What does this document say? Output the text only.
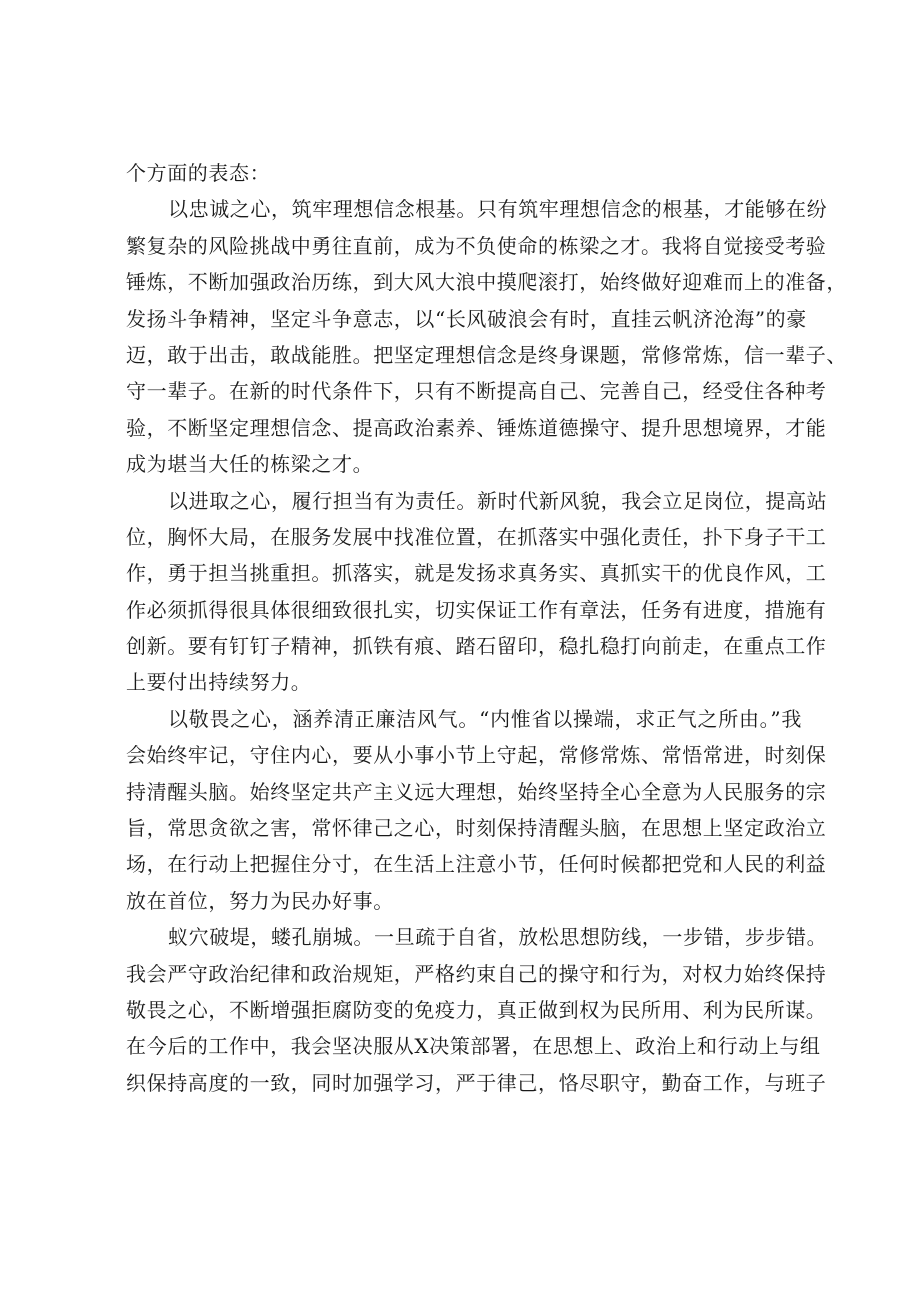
个方面的表态：
以忠诚之心，筑牢理想信念根基。只有筑牢理想信念的根基，才能够在纷
繁复杂的风险挑战中勇往直前，成为不负使命的栋梁之才。我将自觉接受考验
锤炼，不断加强政治历练，到大风大浪中摸爬滚打，始终做好迎难而上的准备，
发扬斗争精神，坚定斗争意志，以“长风破浪会有时，直挂云帆济沧海”的豪
迈，敢于出击，敢战能胜。把坚定理想信念是终身课题，常修常炼，信一辈子、
守一辈子。在新的时代条件下，只有不断提高自己、完善自己，经受住各种考
验，不断坚定理想信念、提高政治素养、锤炼道德操守、提升思想境界，才能
成为堪当大任的栋梁之才。
以进取之心，履行担当有为责任。新时代新风貌，我会立足岗位，提高站
位，胸怀大局，在服务发展中找准位置，在抓落实中强化责任，扑下身子干工
作，勇于担当挑重担。抓落实，就是发扬求真务实、真抓实干的优良作风，工
作必须抓得很具体很细致很扎实，切实保证工作有章法，任务有进度，措施有
创新。要有钉钉子精神，抓铁有痕、踏石留印，稳扎稳打向前走，在重点工作
上要付出持续努力。
以敬畏之心，涵养清正廉洁风气。“内惟省以操端，求正气之所由。”我
会始终牢记，守住内心，要从小事小节上守起，常修常炼、常悟常进，时刻保
持清醒头脑。始终坚定共产主义远大理想，始终坚持全心全意为人民服务的宗
旨，常思贪欲之害，常怀律己之心，时刻保持清醒头脑，在思想上坚定政治立
场，在行动上把握住分寸，在生活上注意小节，任何时候都把党和人民的利益
放在首位，努力为民办好事。
蚁穴破堤，蝼孔崩城。一旦疏于自省，放松思想防线，一步错，步步错。
我会严守政治纪律和政治规矩，严格约束自己的操守和行为，对权力始终保持
敬畏之心，不断增强拒腐防变的免疫力，真正做到权为民所用、利为民所谋。
在今后的工作中，我会坚决服从X决策部署，在思想上、政治上和行动上与组
织保持高度的一致，同时加强学习，严于律己，恪尽职守，勤奋工作，与班子
